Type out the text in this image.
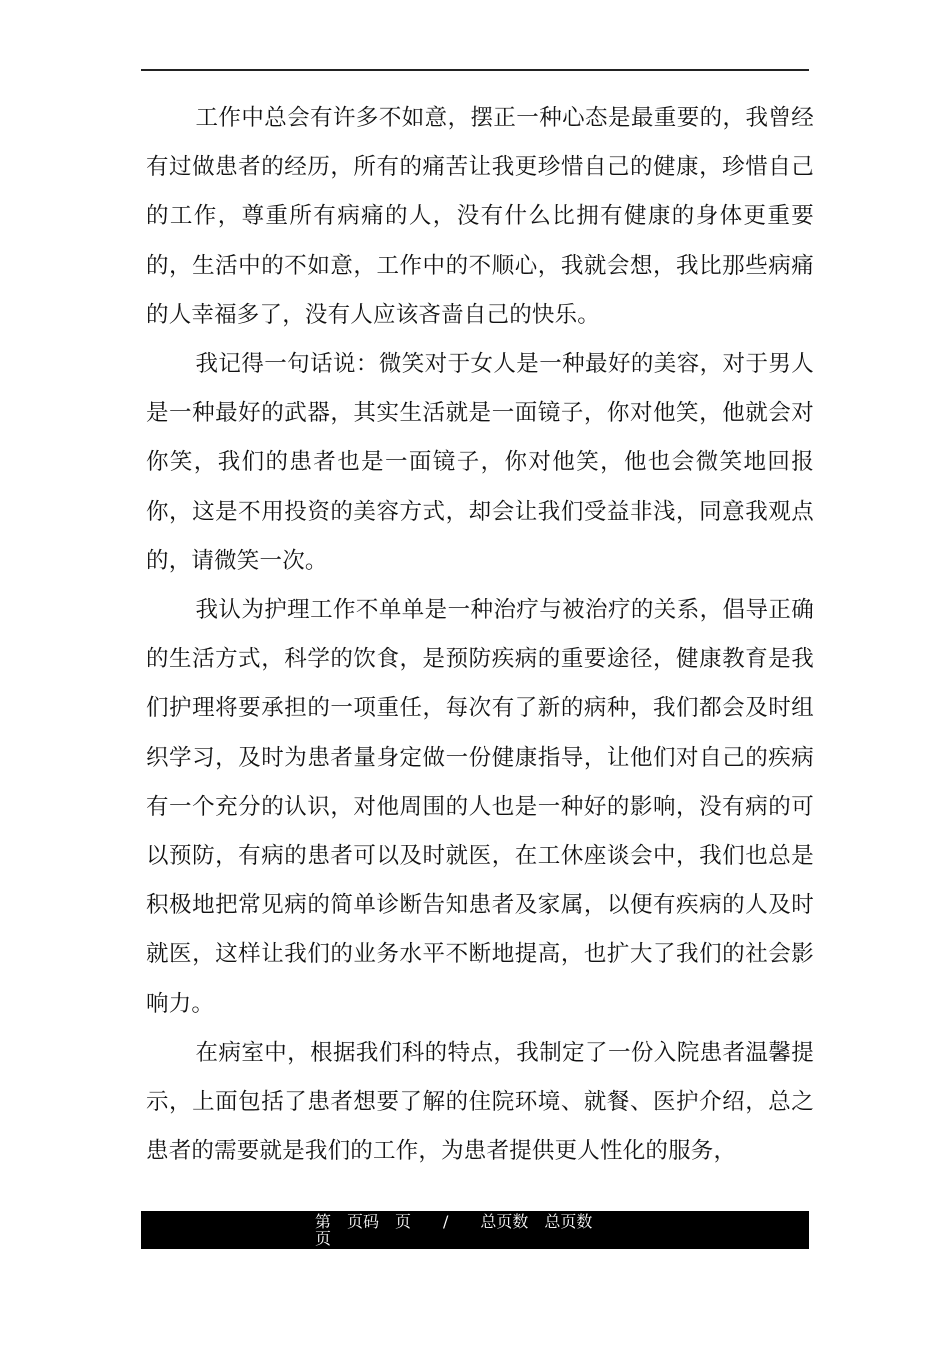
工作中总会有许多不如意，摆正一种心态是最重要的，我曾经有过做患者的经历，所有的痛苦让我更珍惜自己的健康，珍惜自己的工作，尊重所有病痛的人，没有什么比拥有健康的身体更重要的，生活中的不如意，工作中的不顺心，我就会想，我比那些病痛的人幸福多了，没有人应该吝啬自己的快乐。

我记得一句话说：微笑对于女人是一种最好的美容，对于男人是一种最好的武器，其实生活就是一面镜子，你对他笑，他就会对你笑，我们的患者也是一面镜子，你对他笑，他也会微笑地回报你，这是不用投资的美容方式，却会让我们受益非浅，同意我观点的，请微笑一次。

我认为护理工作不单单是一种治疗与被治疗的关系，倡导正确的生活方式，科学的饮食，是预防疾病的重要途径，健康教育是我们护理将要承担的一项重任，每次有了新的病种，我们都会及时组织学习，及时为患者量身定做一份健康指导，让他们对自己的疾病有一个充分的认识，对他周围的人也是一种好的影响，没有病的可以预防，有病的患者可以及时就医，在工休座谈会中，我们也总是积极地把常见病的简单诊断告知患者及家属，以便有疾病的人及时就医，这样让我们的业务水平不断地提高，也扩大了我们的社会影响力。

在病室中，根据我们科的特点，我制定了一份入院患者温馨提示，上面包括了患者想要了解的住院环境、就餐、医护介绍，总之患者的需要就是我们的工作，为患者提供更人性化的服务，

第　页码　页　　/　　总页数　总页数
页
